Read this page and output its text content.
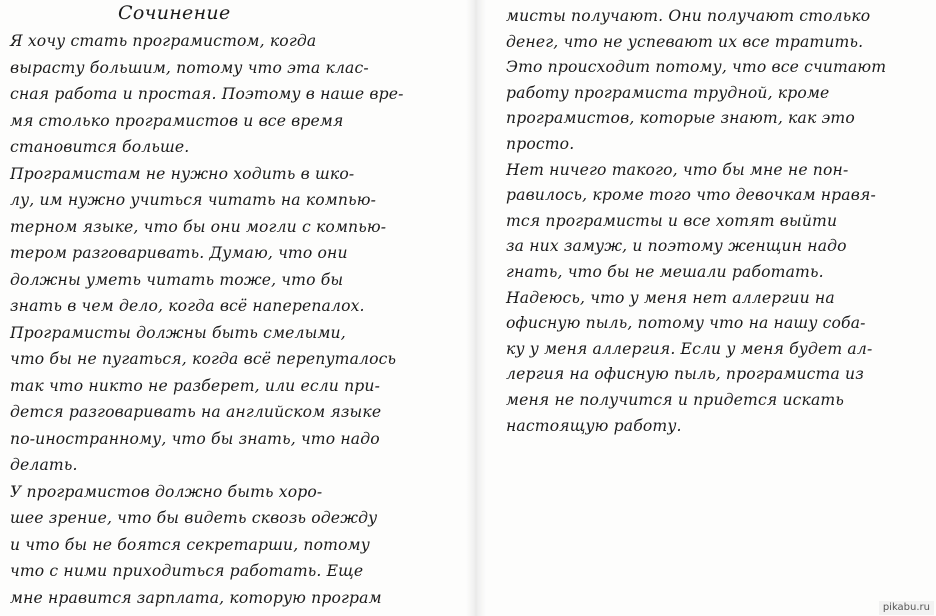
Сочинение
Я хочу стать програмистом, когда
вырасту большим, потому что эта клас-
сная работа и простая. Поэтому в наше вре-
мя столько програмистов и все время
становится больше.
Програмистам не нужно ходить в шко-
лу, им нужно учиться читать на компью-
терном языке, что бы они могли с компью-
тером разговаривать. Думаю, что они
должны уметь читать тоже, что бы
знать в чем дело, когда всё наперепалох.
Програмисты должны быть смелыми,
что бы не пугаться, когда всё перепуталось
так что никто не разберет, или если при-
дется разговаривать на английском языке
по-иностранному, что бы знать, что надо
делать.
У програмистов должно быть хоро-
шее зрение, что бы видеть сквозь одежду
и что бы не боятся секретарши, потому
что с ними приходиться работать. Еще
мне нравится зарплата, которую програм
мисты получают. Они получают столько
денег, что не успевают их все тратить.
Это происходит потому, что все считают
работу програмиста трудной, кроме
програмистов, которые знают, как это
просто.
Нет ничего такого, что бы мне не пон-
равилось, кроме того что девочкам нравя-
тся програмисты и все хотят выйти
за них замуж, и поэтому женщин надо
гнать, что бы не мешали работать.
Надеюсь, что у меня нет аллергии на
офисную пыль, потому что на нашу соба-
ку у меня аллергия. Если у меня будет ал-
лергия на офисную пыль, програмиста из
меня не получится и придется искать
настоящую работу.
pikabu.ru
